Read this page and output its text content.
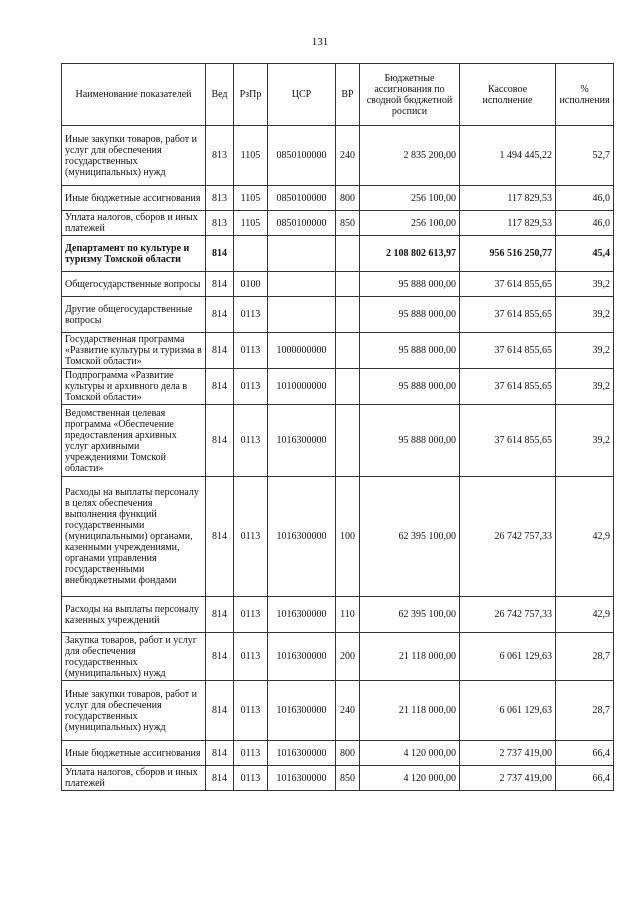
131
Наименование показателей	Вед	РзПр	ЦСР	ВР	Бюджетные ассигнования по сводной бюджетной росписи	Кассовое исполнение	% исполнения
Иные закупки товаров, работ и услуг для обеспечения государственных (муниципальных) нужд	813	1105	0850100000	240	2 835 200,00	1 494 445,22	52,7
Иные бюджетные ассигнования	813	1105	0850100000	800	256 100,00	117 829,53	46,0
Уплата налогов, сборов и иных платежей	813	1105	0850100000	850	256 100,00	117 829,53	46,0
Департамент по культуре и туризму Томской области	814				2 108 802 613,97	956 516 250,77	45,4
Общегосударственные вопросы	814	0100			95 888 000,00	37 614 855,65	39,2
Другие общегосударственные вопросы	814	0113			95 888 000,00	37 614 855,65	39,2
Государственная программа «Развитие культуры и туризма в Томской области»	814	0113	1000000000		95 888 000,00	37 614 855,65	39,2
Подпрограмма «Развитие культуры и архивного дела в Томской области»	814	0113	1010000000		95 888 000,00	37 614 855,65	39,2
Ведомственная целевая программа «Обеспечение предоставления архивных услуг архивными учреждениями Томской области»	814	0113	1016300000		95 888 000,00	37 614 855,65	39,2
Расходы на выплаты персоналу в целях обеспечения выполнения функций государственными (муниципальными) органами, казенными учреждениями, органами управления государственными внебюджетными фондами	814	0113	1016300000	100	62 395 100,00	26 742 757,33	42,9
Расходы на выплаты персоналу казенных учреждений	814	0113	1016300000	110	62 395 100,00	26 742 757,33	42,9
Закупка товаров, работ и услуг для обеспечения государственных (муниципальных) нужд	814	0113	1016300000	200	21 118 000,00	6 061 129,63	28,7
Иные закупки товаров, работ и услуг для обеспечения государственных (муниципальных) нужд	814	0113	1016300000	240	21 118 000,00	6 061 129,63	28,7
Иные бюджетные ассигнования	814	0113	1016300000	800	4 120 000,00	2 737 419,00	66,4
Уплата налогов, сборов и иных платежей	814	0113	1016300000	850	4 120 000,00	2 737 419,00	66,4
